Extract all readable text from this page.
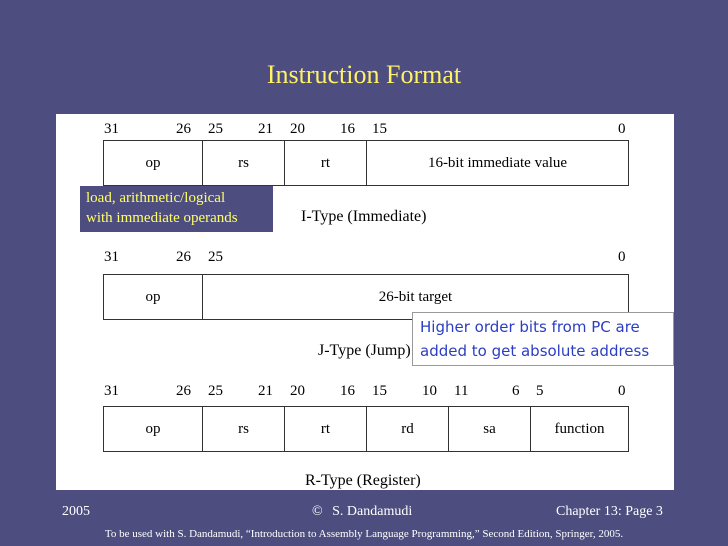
Instruction Format
31	26 25 21 20 16 15	0
op	rs	rt	16-bit immediate value
I-Type (Immediate)
31	26 25	0
op	26-bit target
J-Type (Jump)
31	26 25 21 20 16 15 10 11	6 5	0
op	rs	rt	rd	sa	function
R-Type (Register)
load, arithmetic/logical
with immediate operands
Higher order bits from PC are
added to get absolute address
2005	© S. Dandamudi	Chapter 13: Page 3
To be used with S. Dandamudi, “Introduction to Assembly Language Programming,” Second Edition, Springer, 2005.
